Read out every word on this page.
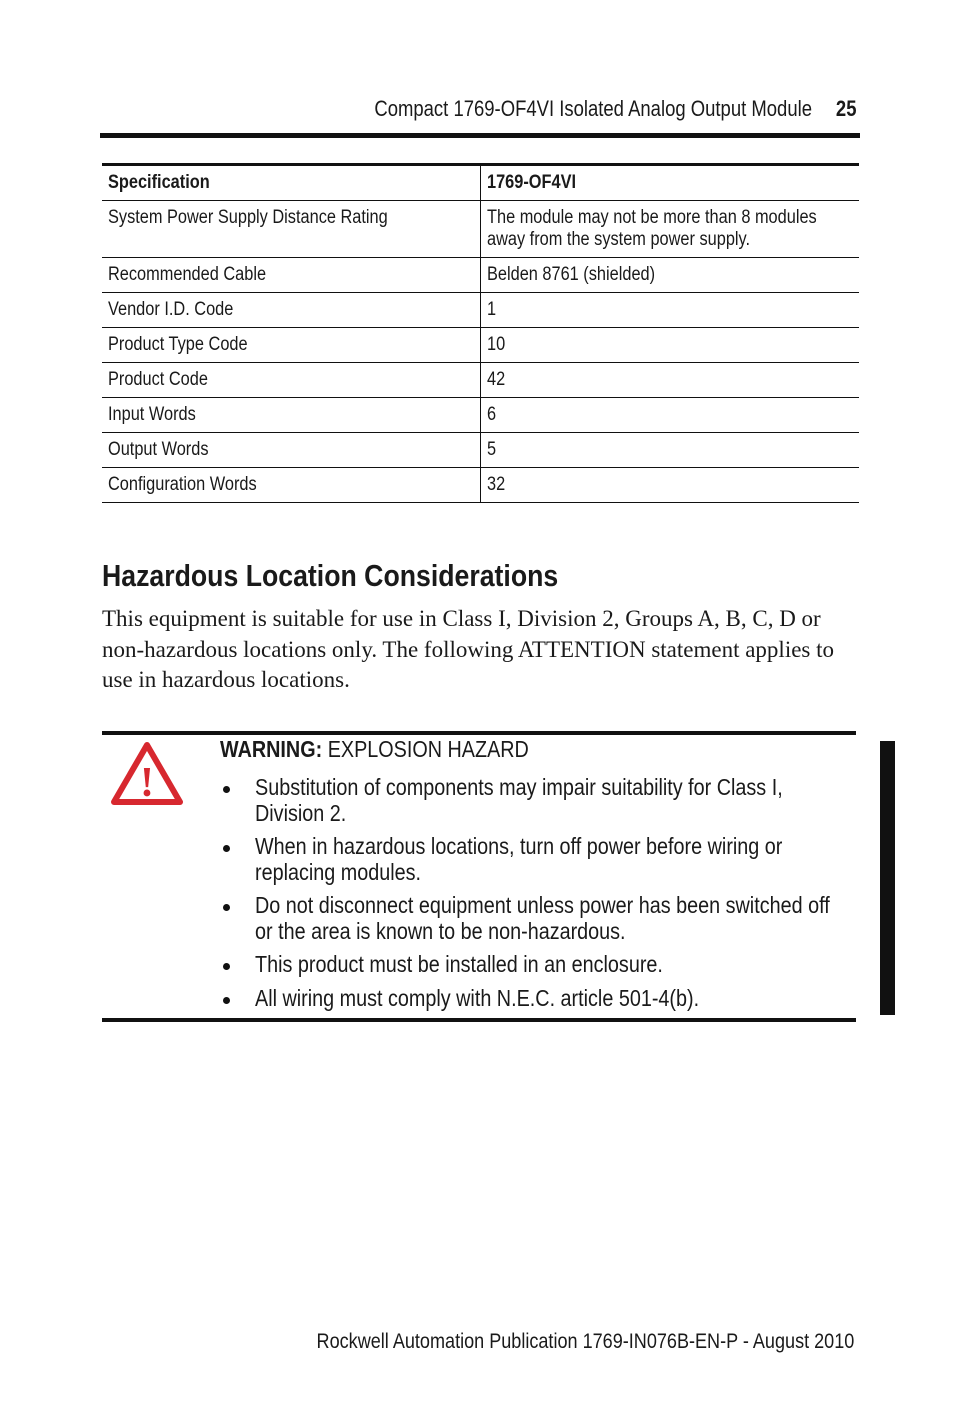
Compact 1769-OF4VI Isolated Analog Output Module 25
Specification	1769-OF4VI
System Power Supply Distance Rating	The module may not be more than 8 modules away from the system power supply.

Recommended Cable	Belden 8761 (shielded)
Vendor I.D. Code	1
Product Type Code	10
Product Code	42
Input Words	6
Output Words	5
Configuration Words	32
Hazardous Location Considerations

This equipment is suitable for use in Class I, Division 2, Groups A, B, C, D or non-hazardous locations only. The following ATTENTION statement applies to use in hazardous locations.

!
WARNING: EXPLOSION HAZARD
Substitution of components may impair suitability for Class I, Division 2.
When in hazardous locations, turn off power before wiring or replacing modules.
Do not disconnect equipment unless power has been switched off or the area is known to be non-hazardous.
This product must be installed in an enclosure.
All wiring must comply with N.E.C. article 501-4(b).
Rockwell Automation Publication 1769-IN076B-EN-P - August 2010
